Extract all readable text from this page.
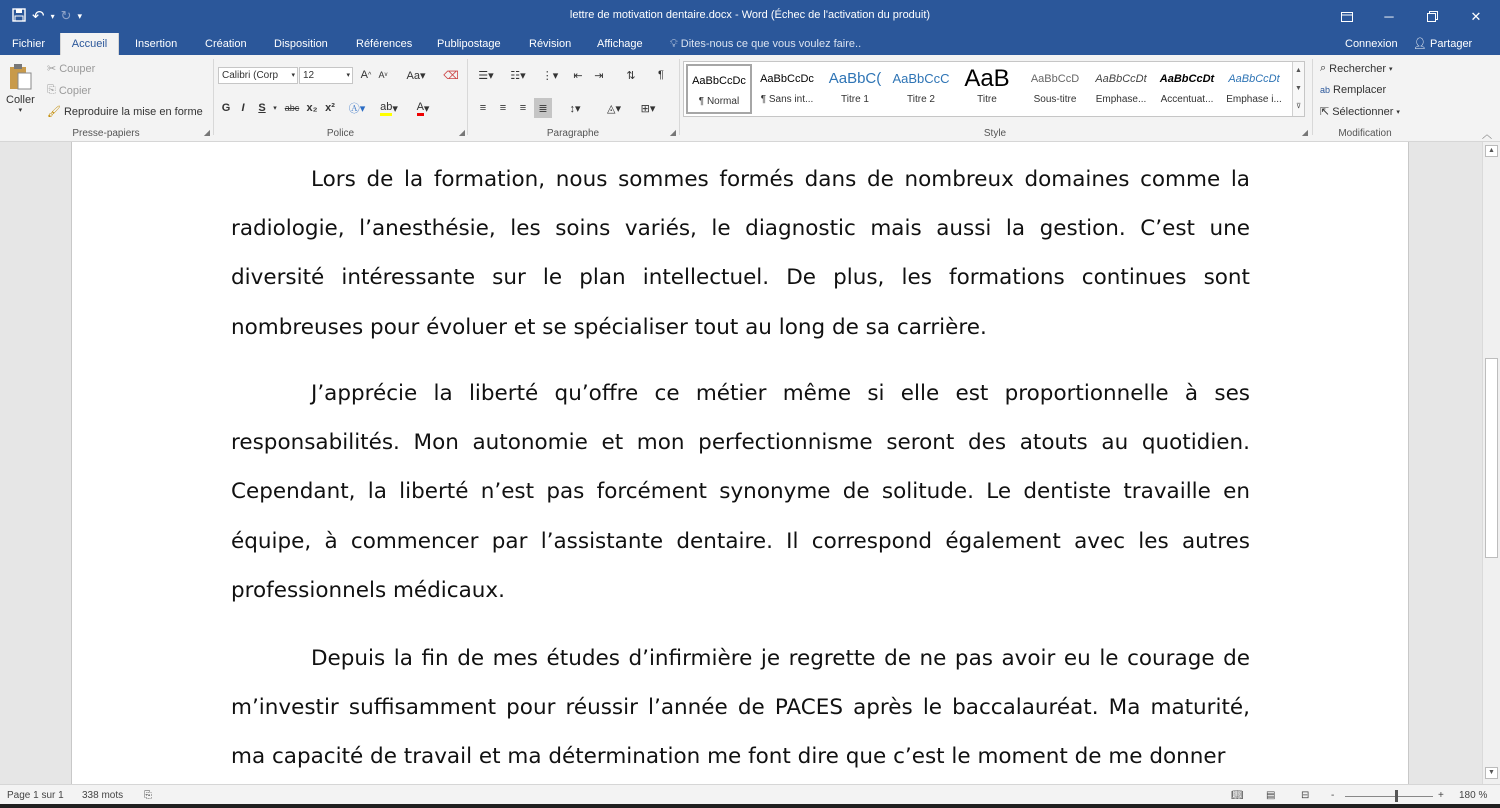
↶ ▾ ↻ ▾	lettre de motivation dentaire.docx - Word (Échec de l'activation du produit)	─	✕
Fichier	Accueil	Insertion	Création Disposition	Références Publipostage	Révision Affichage 💡︎ Dites-nous ce que vous voulez faire..	Connexion 👤︎ Partager
Coller
▾
✂ Couper
⎘ Copier
🖌︎ Reproduire la mise en forme
Presse-papiers	◢
Calibri (Corp ▾ 12	▾ A ^ A v Aa▾ ⌫
G	I	S	▾ abc x₂ x²	Ⓐ▾	ab ▾	A ▾
Police	◢
☰▾	☷▾	⋮▾	⇤	⇥	⇅	¶
≡	≡	≡	≣	↕▾	◬▾	⊞▾
Paragraphe	◢
AaBbCcDc
¶ Normal
AaBbCcDc
¶ Sans int...
AaBbC(
Titre 1
AaBbCcC
Titre 2
AaB
Titre
AaBbCcD
Sous-titre
AaBbCcDt
Emphase...
AaBbCcDt
Accentuat...
AaBbCcDt
Emphase i...
▲
▼
⊽
Style	◢
⌕ Rechercher ▾
ab Remplacer
⇱ Sélectionner ▾
Modification	︿

Lors de la formation, nous sommes formés dans de nombreux domaines comme la radiologie, l’anesthésie, les soins variés, le diagnostic mais aussi la gestion. C’est une diversité intéressante sur le plan intellectuel. De plus, les formations continues sont nombreuses pour évoluer et se spécialiser tout au long de sa carrière.

J’apprécie la liberté qu’offre ce métier même si elle est proportionnelle à ses responsabilités. Mon autonomie et mon perfectionnisme seront des atouts au quotidien. Cependant, la liberté n’est pas forcément synonyme de solitude. Le dentiste travaille en équipe, à commencer par l’assistante dentaire. Il correspond également avec les autres professionnels médicaux.

Depuis la fin de mes études d’infirmière je regrette de ne pas avoir eu le courage de m’investir suffisamment pour réussir l’année de PACES après le baccalauréat. Ma maturité, ma capacité de travail et ma détermination me font dire que c’est le moment de me donner

▲
▼
Page 1 sur 1 338 mots ⎘	📖︎ ▤	⊟ -	+ 180 %
